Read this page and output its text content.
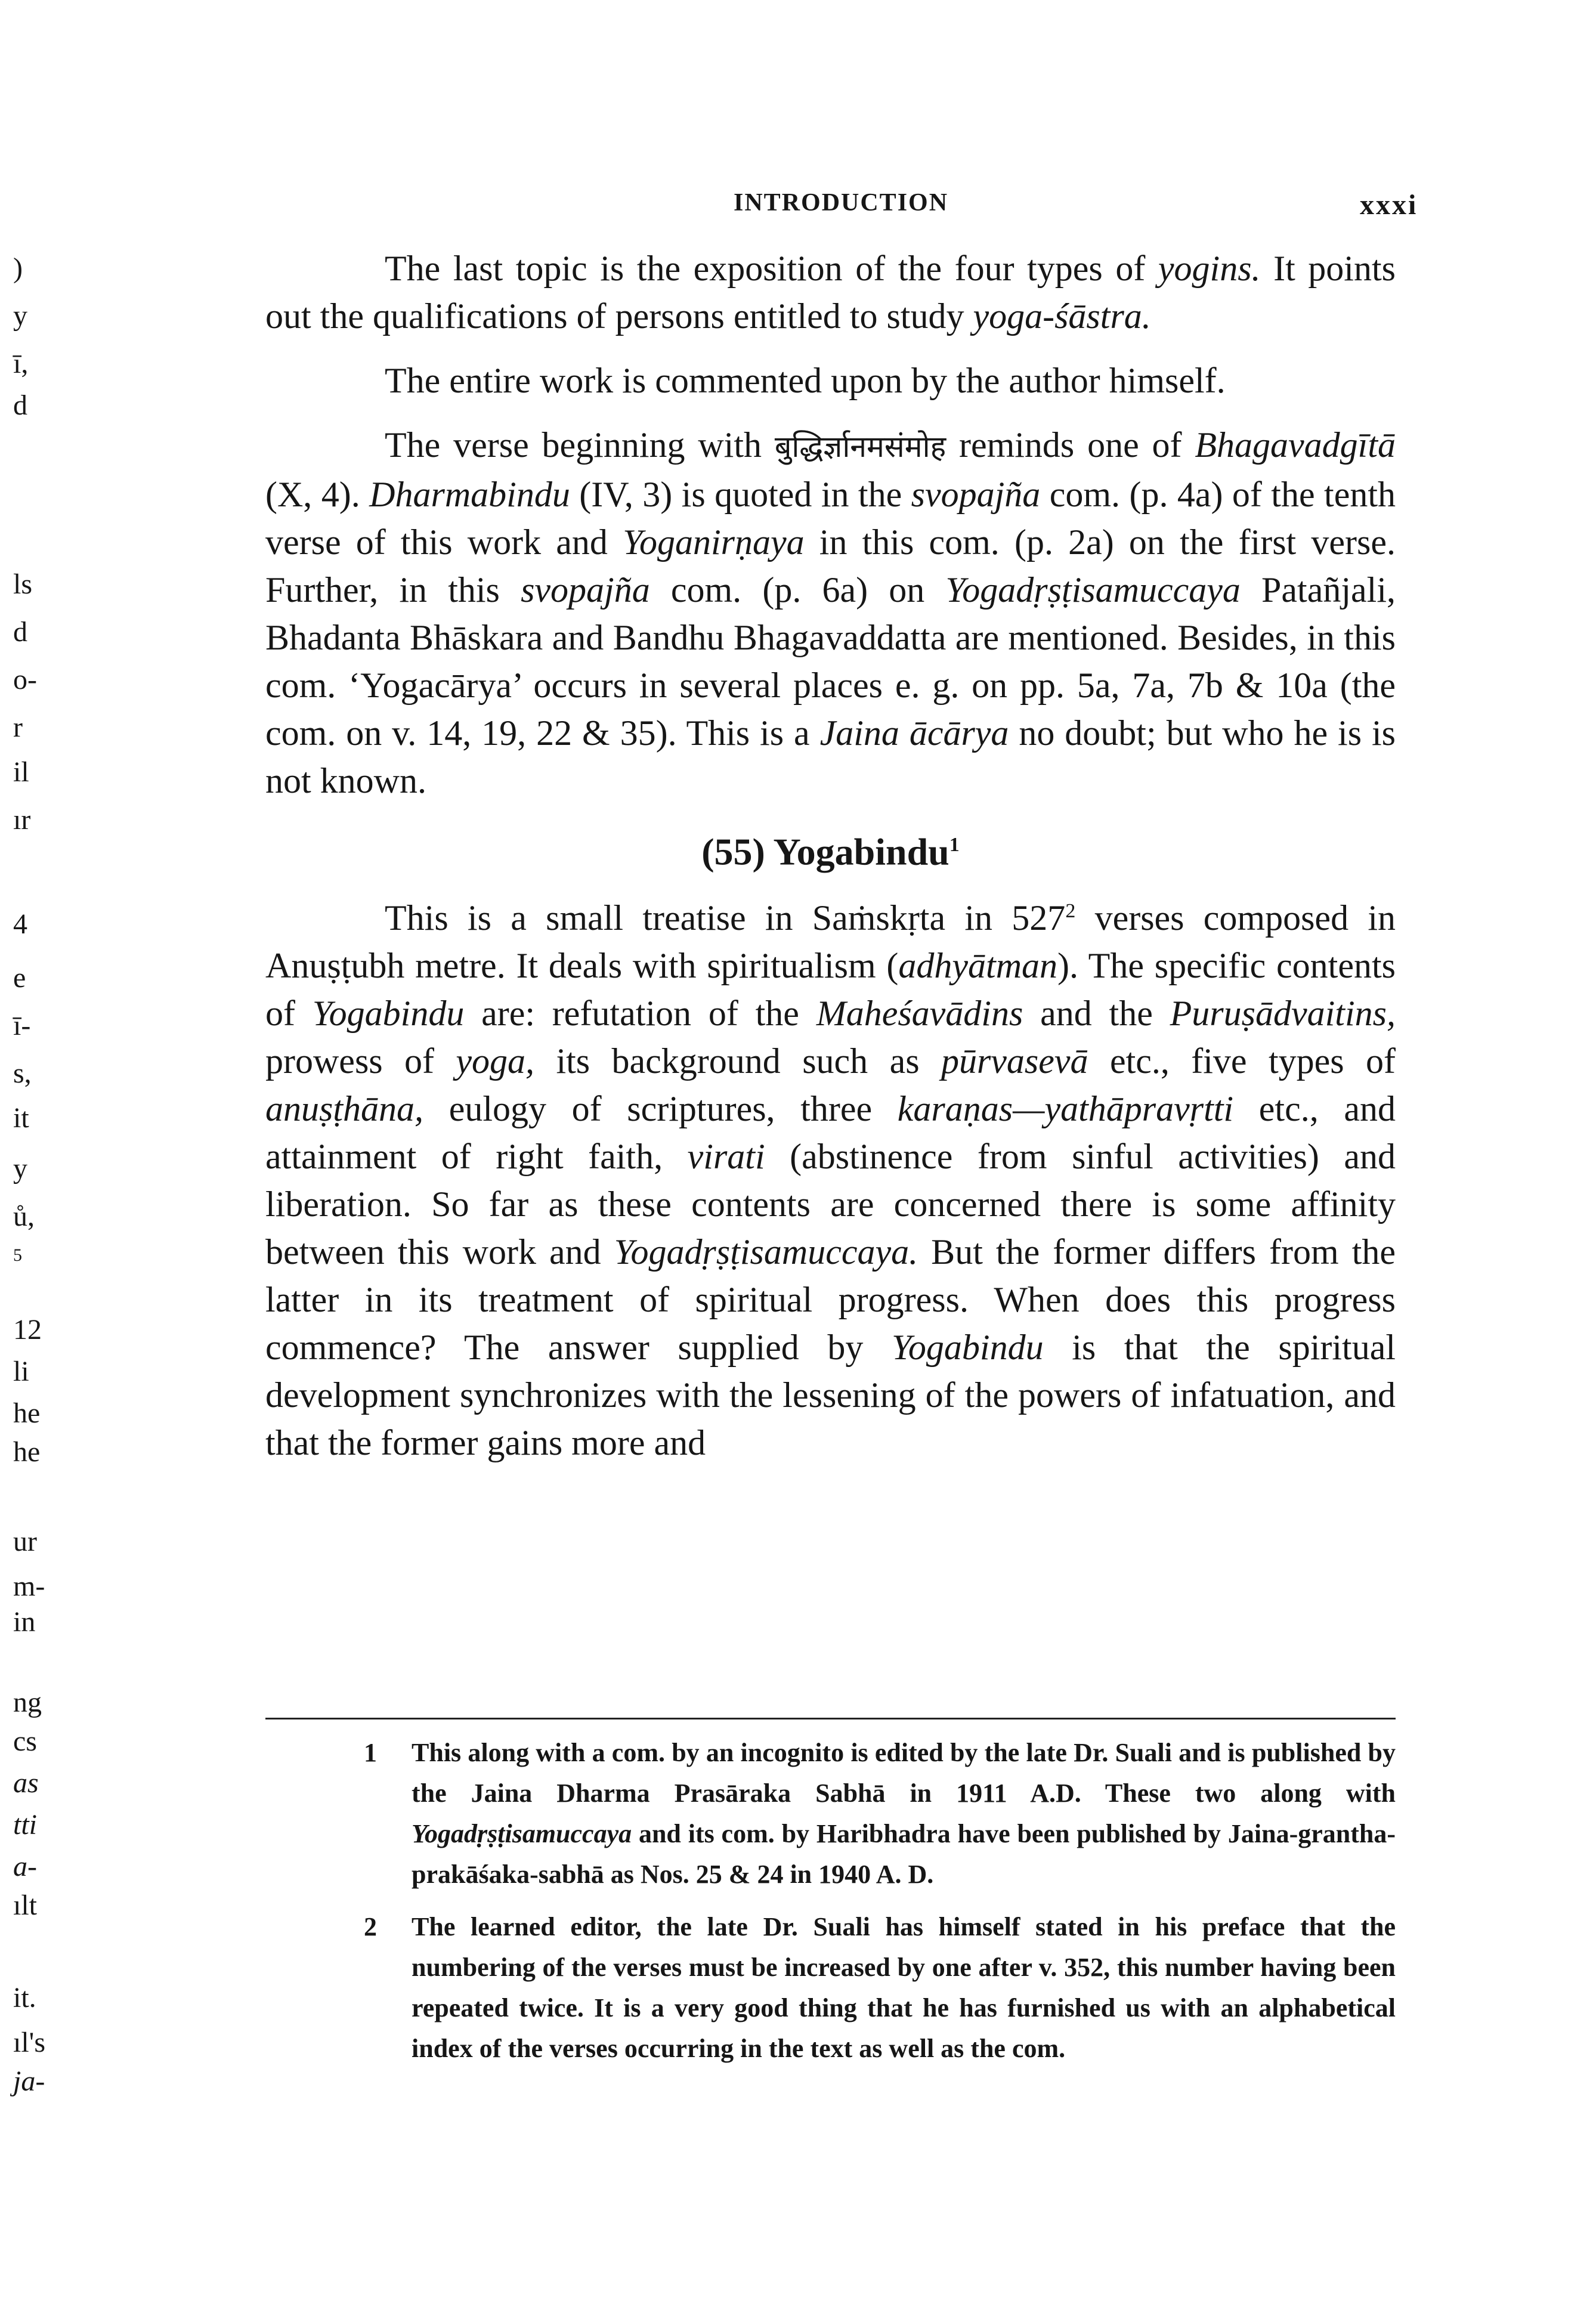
)
y
ī,
d
ls
d
o-
r
il
ır
4
e
ī-
s,
it
y
ů,
5
12
li
he
he
ur
m-
in
ng
cs
as
tti
a-
ılt
it.
ıl's
ja-
INTRODUCTION	xxxi

The last topic is the exposition of the four types of yogins. It points out the qualifications of persons entitled to study yoga-śāstra.

The entire work is commented upon by the author himself.

The verse beginning with बुद्धिर्ज्ञानमसंमोह reminds one of Bhagavadgītā (X, 4). Dharmabindu (IV, 3) is quoted in the svopajña com. (p. 4a) of the tenth verse of this work and Yoganirṇaya in this com. (p. 2a) on the first verse. Further, in this svopajña com. (p. 6a) on Yogadṛṣṭisamuccaya Patañjali, Bhadanta Bhāskara and Bandhu Bhagavaddatta are mentioned. Besides, in this com. ‘Yogacārya’ occurs in several places e. g. on pp. 5a, 7a, 7b & 10a (the com. on v. 14, 19, 22 & 35). This is a Jaina ācārya no doubt; but who he is is not known.

(55) Yogabindu$^1$

This is a small treatise in Saṁskṛta in $527^2$ verses composed in Anuṣṭubh metre. It deals with spiritualism (adhyātman). The specific contents of Yogabindu are: refutation of the Maheśavādins and the Puruṣādvaitins, prowess of yoga, its background such as pūrvasevā etc., five types of anuṣṭhāna, eulogy of scriptures, three karaṇas—yathāpravṛtti etc., and attainment of right faith, virati (abstinence from sinful activities) and liberation. So far as these contents are concerned there is some affinity between this work and Yogadṛṣṭisamuccaya. But the former differs from the latter in its treatment of spiritual progress. When does this progress commence? The answer supplied by Yogabindu is that the spiritual development synchronizes with the lessening of the powers of infatuation, and that the former gains more and

1 This along with a com. by an incognito is edited by the late Dr. Suali and is published by the Jaina Dharma Prasāraka Sabhā in 1911 A.D. These two along with Yogadṛṣṭisamuccaya and its com. by Haribhadra have been published by Jaina-grantha-prakāśaka-sabhā as Nos. 25 & 24 in 1940 A. D.
2 The learned editor, the late Dr. Suali has himself stated in his preface that the numbering of the verses must be increased by one after v. 352, this number having been repeated twice. It is a very good thing that he has furnished us with an alphabetical index of the verses occurring in the text as well as the com.
